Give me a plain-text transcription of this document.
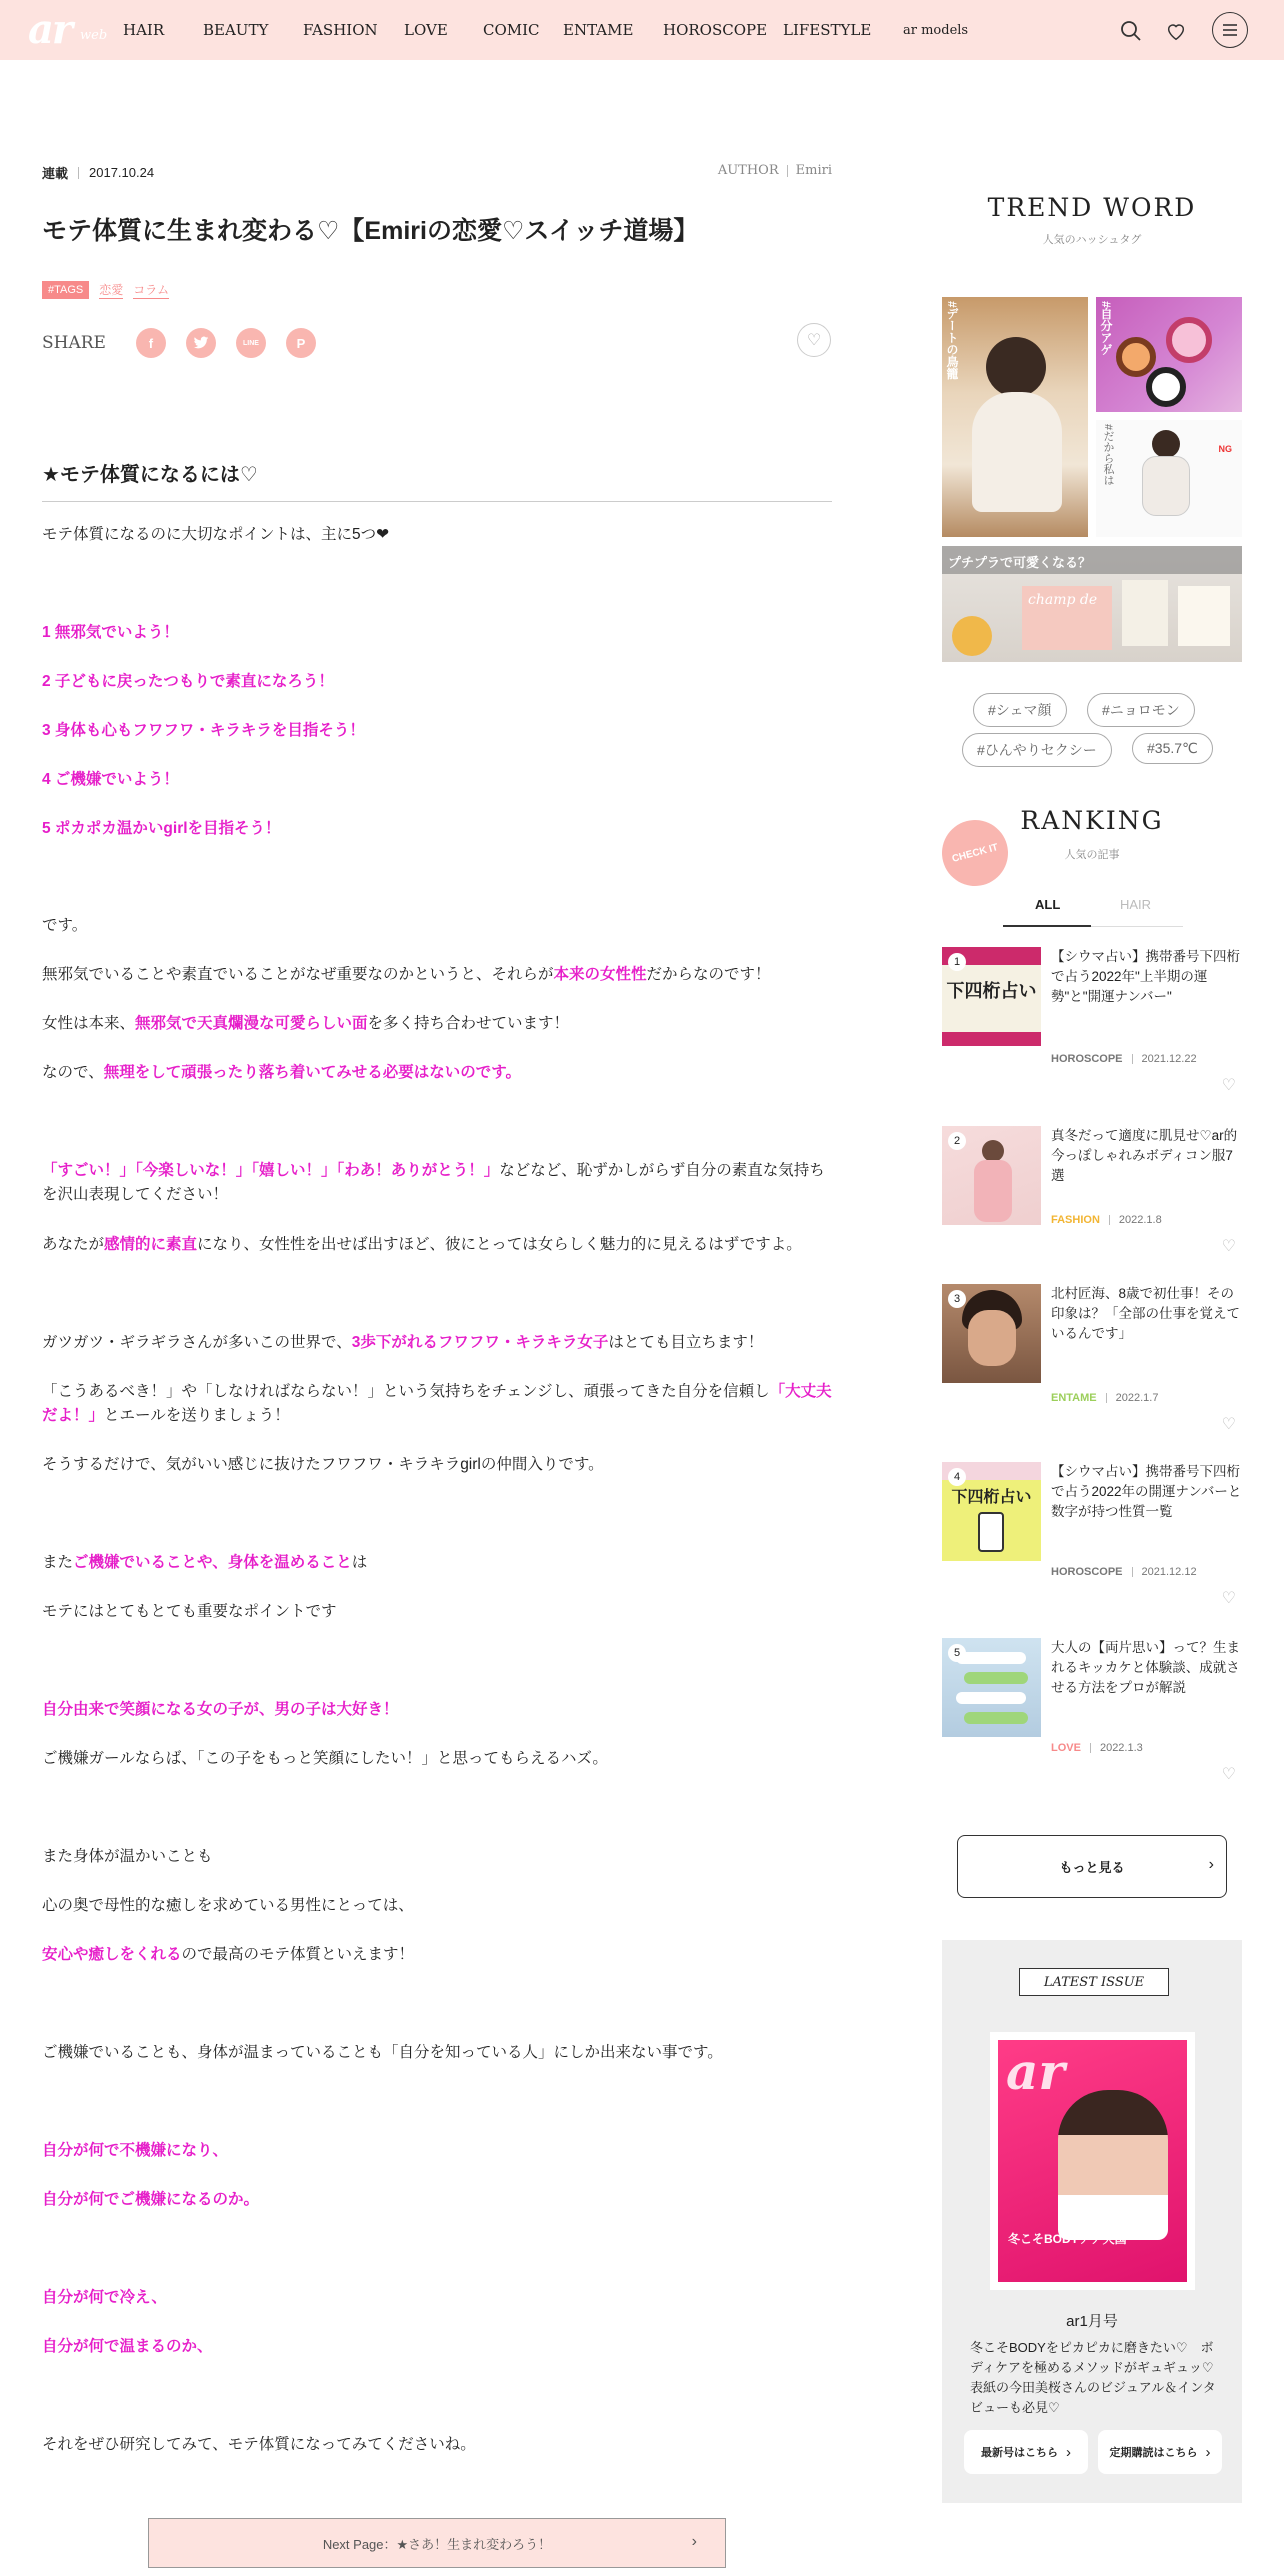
ar web HAIR	BEAUTY FASHION LOVE COMIC ENTAME HOROSCOPE LIFESTYLE ar models
連載 2017.10.24	AUTHOR Emiri
モテ体質に生まれ変わる♡【Emiriの恋愛♡スイッチ道場】
#TAGS	恋愛 コラム
SHARE	f	LINE	P	♡
★モテ体質になるには♡

モテ体質になるのに大切なポイントは、主に5つ❤

1 無邪気でいよう！

2 子どもに戻ったつもりで素直になろう！

3 身体も心もフワフワ・キラキラを目指そう！

4 ご機嫌でいよう！

5 ポカポカ温かいgirlを目指そう！

です。

無邪気でいることや素直でいることがなぜ重要なのかというと、それらが本来の女性性だからなのです！

女性は本来、無邪気で天真爛漫な可愛らしい面を多く持ち合わせています！

なので、無理をして頑張ったり落ち着いてみせる必要はないのです。

「すごい！」「今楽しいな！」「嬉しい！」「わあ！ありがとう！」などなど、恥ずかしがらず自分の素直な気持ちを沢山表現してください！

あなたが感情的に素直になり、女性性を出せば出すほど、彼にとっては女らしく魅力的に見えるはずですよ。

ガツガツ・ギラギラさんが多いこの世界で、3歩下がれるフワフワ・キラキラ女子はとても目立ちます！

「こうあるべき！」や「しなければならない！」という気持ちをチェンジし、頑張ってきた自分を信頼し「大丈夫だよ！」とエールを送りましょう！

そうするだけで、気がいい感じに抜けたフワフワ・キラキラgirlの仲間入りです。

またご機嫌でいることや、身体を温めることは

モテにはとてもとても重要なポイントです

自分由来で笑顔になる女の子が、男の子は大好き！

ご機嫌ガールならば、「この子をもっと笑顔にしたい！」と思ってもらえるハズ。

また身体が温かいことも

心の奥で母性的な癒しを求めている男性にとっては、

安心や癒しをくれるので最高のモテ体質といえます！

ご機嫌でいることも、身体が温まっていることも「自分を知っている人」にしか出来ない事です。

自分が何で不機嫌になり、

自分が何でご機嫌になるのか。

自分が何で冷え、

自分が何で温まるのか、

それをぜひ研究してみて、モテ体質になってみてくださいね。

Next Page：★さあ！生まれ変わろう！	›
TREND WORD
人気のハッシュタグ
#デートの鳥籠	#自分アゲ
#だから私は	NG
プチプラで可愛くなる？
champ de
#シェマ顔	#ニョロモン
#ひんやりセクシー	#35.7℃
CHECK IT
RANKING
人気の記事
ALL	HAIR
下四桁占い
1	【シウマ占い】携帯番号下四桁で占う2022年"上半期の運勢"と"開運ナンバー"
HOROSCOPE 2021.12.22
♡
2	真冬だって適度に肌見せ♡ar的今っぽしゃれみボディコン服7選
FASHION 2022.1.8
♡
3	北村匠海、8歳で初仕事！その印象は？「全部の仕事を覚えているんです」
ENTAME 2022.1.7
♡
下四桁占い
4	【シウマ占い】携帯番号下四桁で占う2022年の開運ナンバーと数字が持つ性質一覧
HOROSCOPE 2021.12.12
♡
5	大人の【両片思い】って？生まれるキッカケと体験談、成就させる方法をプロが解説
LOVE 2022.1.3
♡
もっと見る	›
LATEST ISSUE
ar
冬こそBODYケア天国
ar1月号
冬こそBODYをピカピカに磨きたい♡　ボディケアを極めるメソッドがギュギュッ♡ 表紙の今田美桜さんのビジュアル＆インタビューも必見♡
最新号はこちら ›	定期購読はこちら ›
